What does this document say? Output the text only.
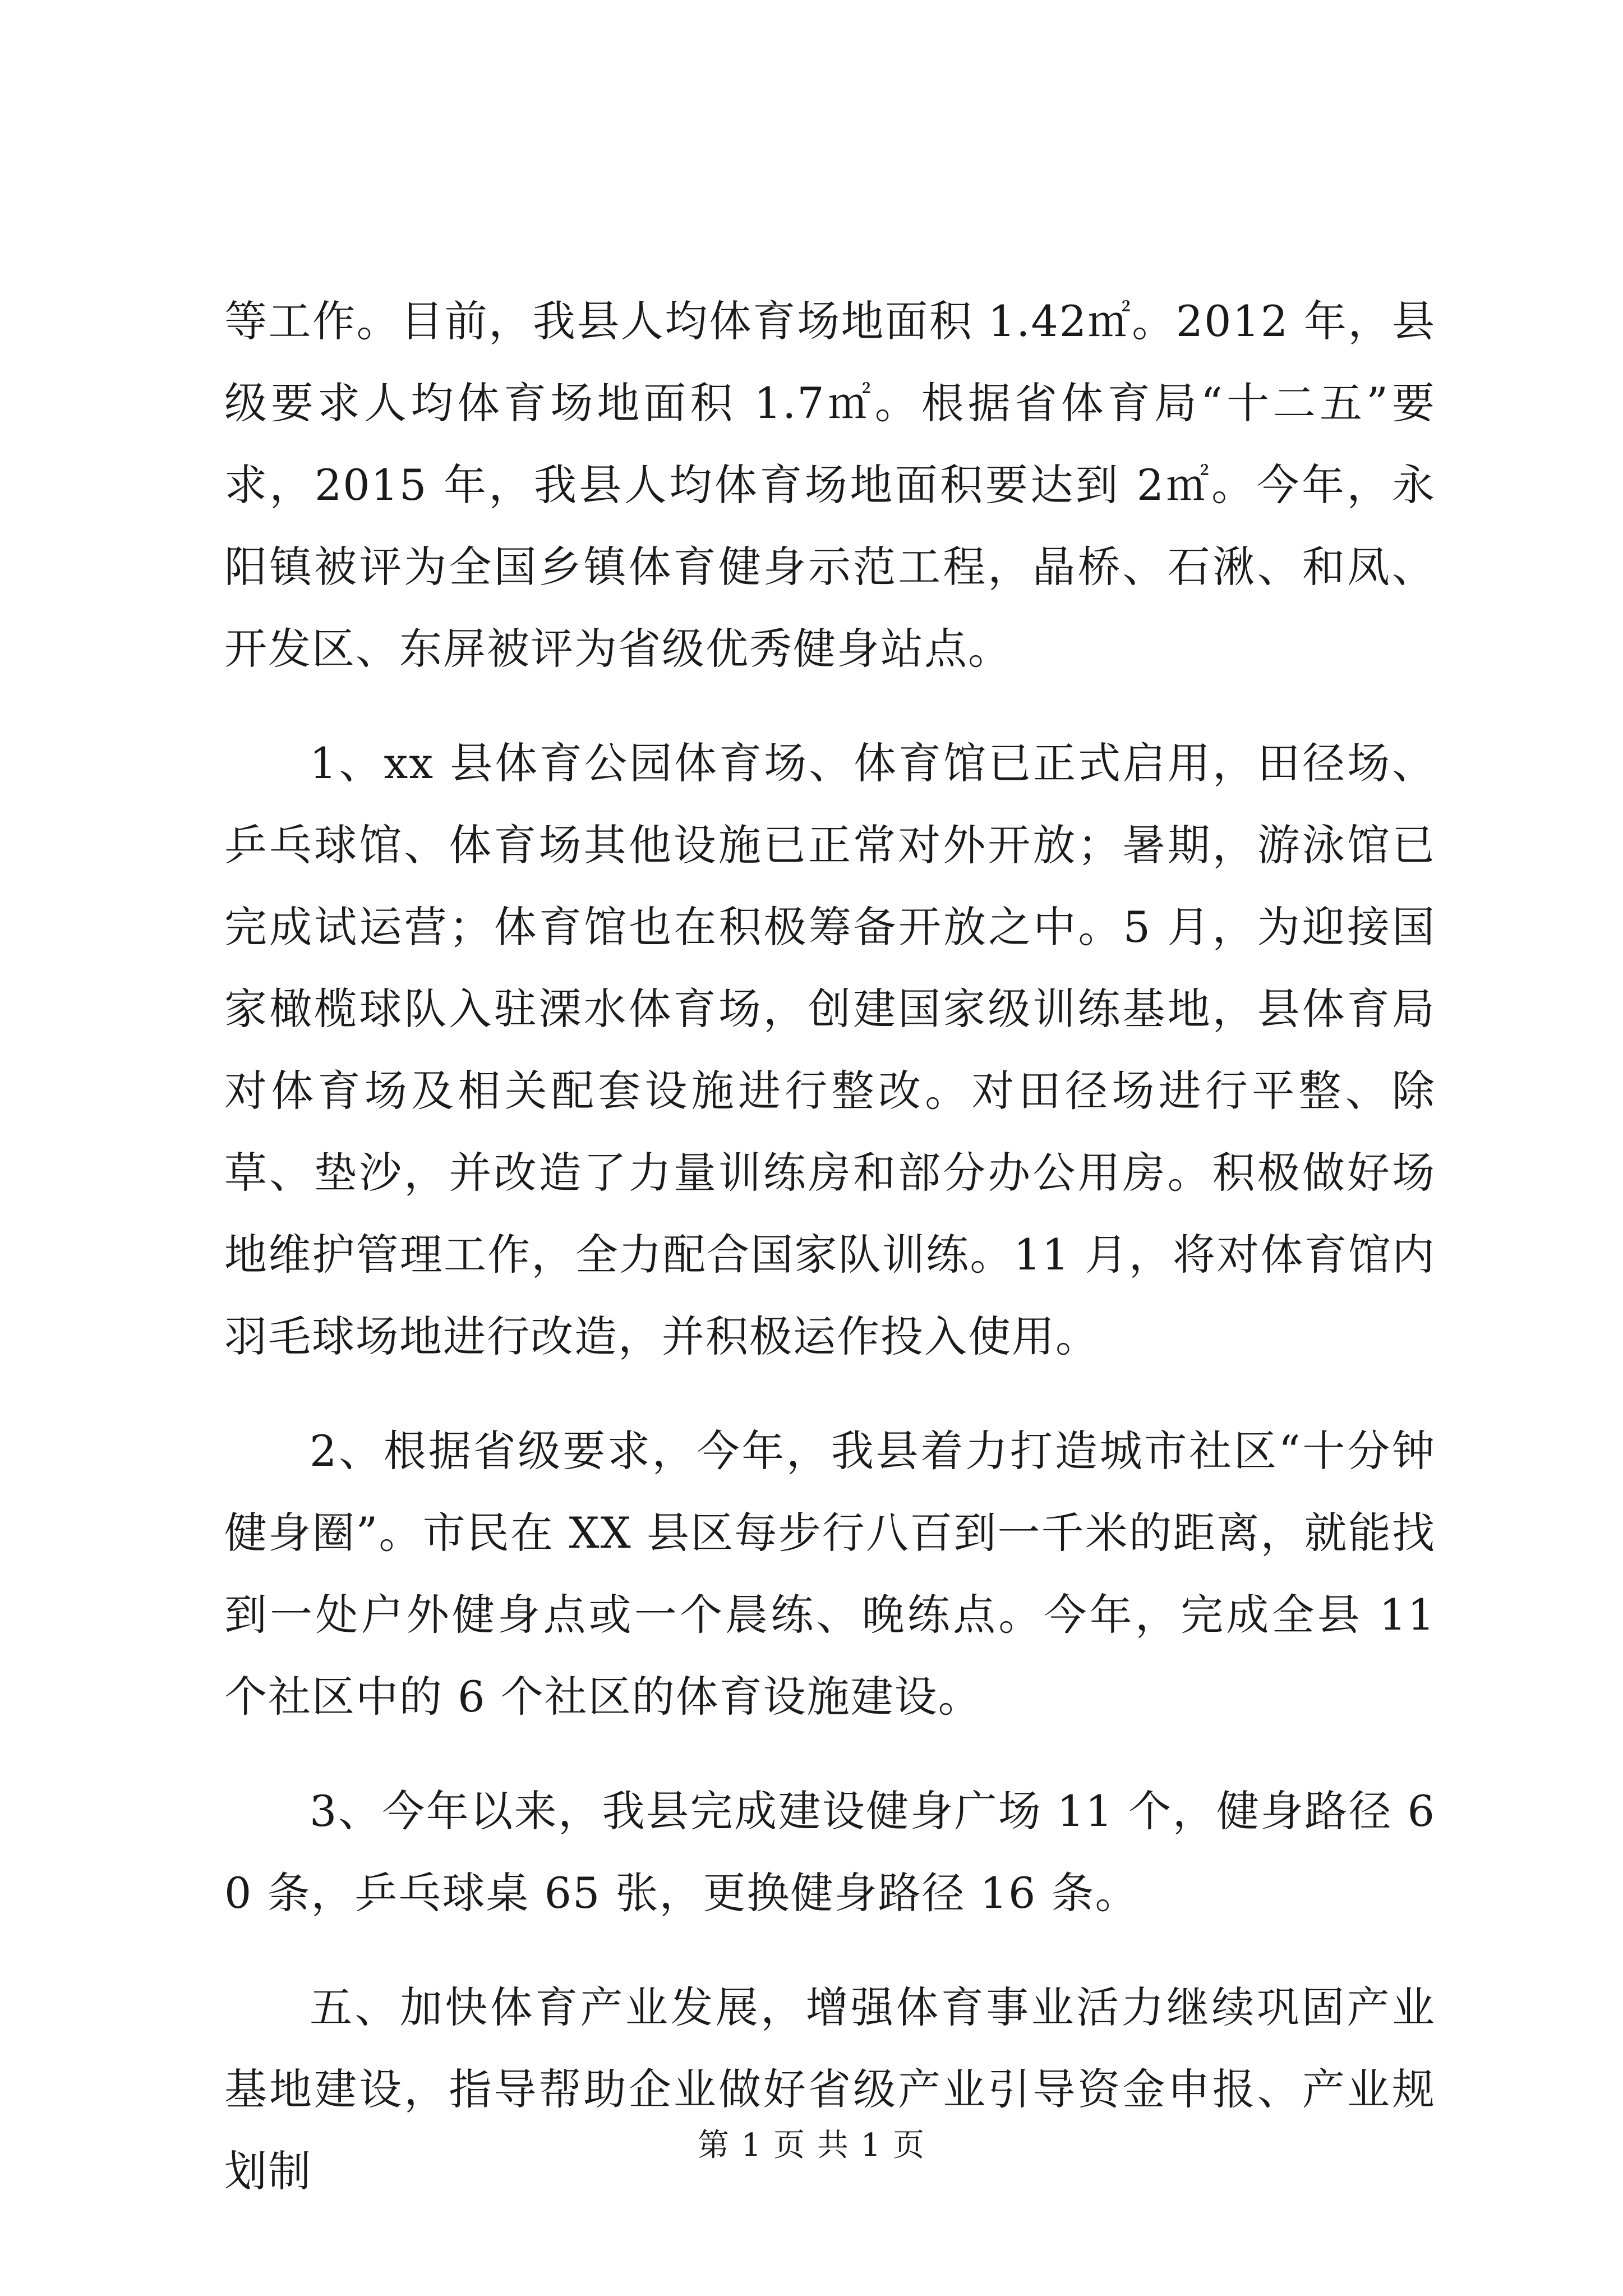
等工作。目前，我县人均体育场地面积 1.42㎡。2012 年，县级要求人均体育场地面积 1.7㎡。根据省体育局“十二五”要求，2015 年，我县人均体育场地面积要达到 2㎡。今年，永阳镇被评为全国乡镇体育健身示范工程，晶桥、石湫、和凤、开发区、东屏被评为省级优秀健身站点。

1、xx 县体育公园体育场、体育馆已正式启用，田径场、乒乓球馆、体育场其他设施已正常对外开放；暑期，游泳馆已完成试运营；体育馆也在积极筹备开放之中。5 月，为迎接国家橄榄球队入驻溧水体育场，创建国家级训练基地，县体育局对体育场及相关配套设施进行整改。对田径场进行平整、除草、垫沙，并改造了力量训练房和部分办公用房。积极做好场地维护管理工作，全力配合国家队训练。11 月，将对体育馆内羽毛球场地进行改造，并积极运作投入使用。

2、根据省级要求，今年，我县着力打造城市社区“十分钟健身圈”。市民在 XX 县区每步行八百到一千米的距离，就能找到一处户外健身点或一个晨练、晚练点。今年，完成全县 11 个社区中的 6 个社区的体育设施建设。

3、今年以来，我县完成建设健身广场 11 个，健身路径 60 条，乒乓球桌 65 张，更换健身路径 16 条。

五、加快体育产业发展，增强体育事业活力继续巩固产业基地建设，指导帮助企业做好省级产业引导资金申报、产业规划制

第 1 页 共 1 页
